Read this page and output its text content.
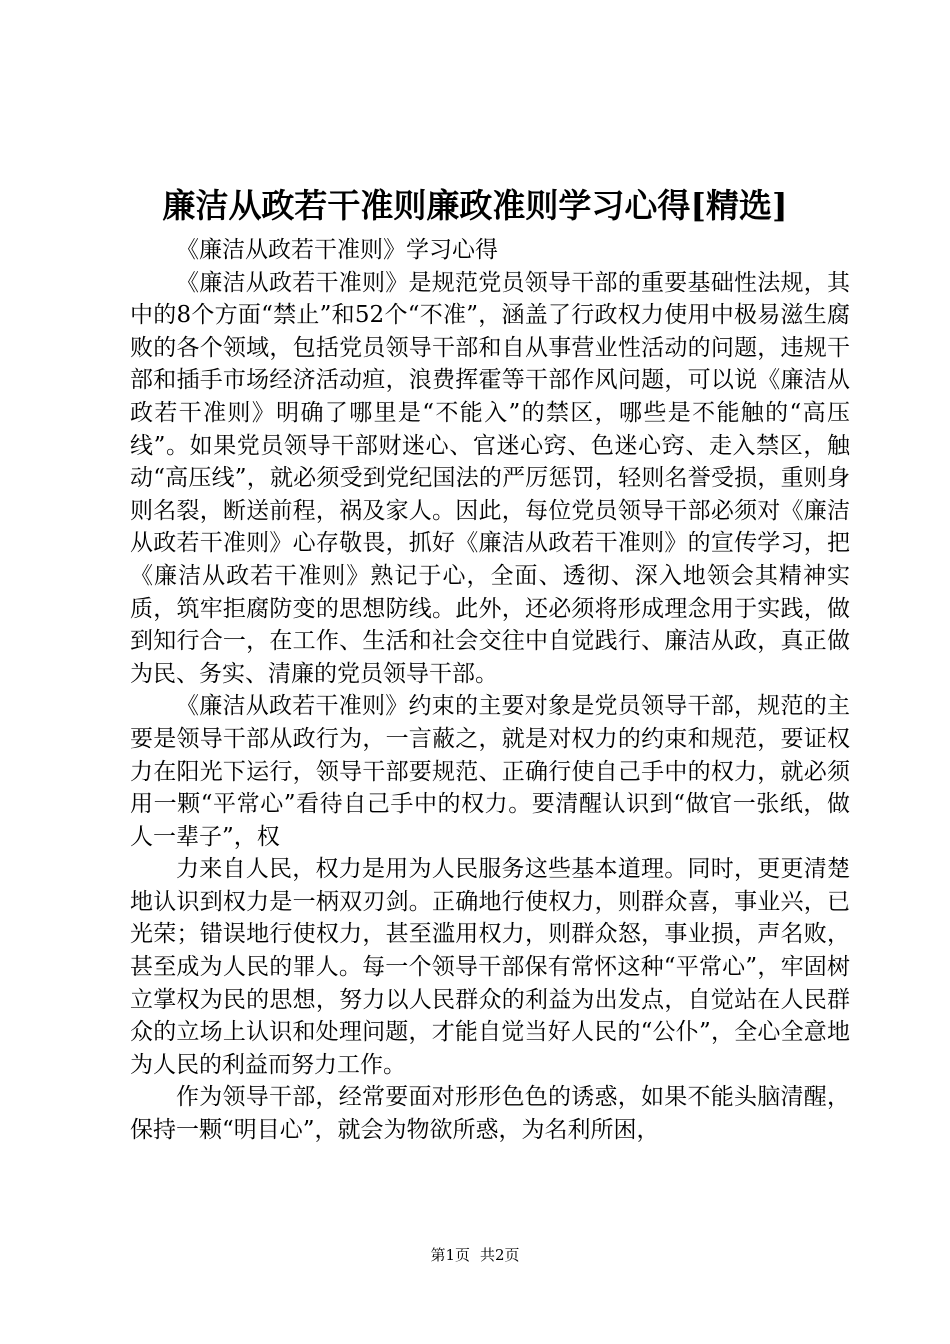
廉洁从政若干准则廉政准则学习心得[精选]

《廉洁从政若干准则》学习心得

《廉洁从政若干准则》是规范党员领导干部的重要基础性法规，其中的8个方面“禁止”和52个“不准”，涵盖了行政权力使用中极易滋生腐败的各个领域，包括党员领导干部和自从事营业性活动的问题，违规干部和插手市场经济活动疸，浪费挥霍等干部作风问题，可以说《廉洁从政若干准则》明确了哪里是“不能入”的禁区，哪些是不能触的“高压线”。如果党员领导干部财迷心、官迷心窍、色迷心窍、走入禁区，触动“高压线”，就必须受到党纪国法的严厉惩罚，轻则名誉受损，重则身则名裂，断送前程，祸及家人。因此，每位党员领导干部必须对《廉洁从政若干准则》心存敬畏，抓好《廉洁从政若干准则》的宣传学习，把《廉洁从政若干准则》熟记于心，全面、透彻、深入地领会其精神实质，筑牢拒腐防变的思想防线。此外，还必须将形成理念用于实践，做到知行合一，在工作、生活和社会交往中自觉践行、廉洁从政，真正做为民、务实、清廉的党员领导干部。

《廉洁从政若干准则》约束的主要对象是党员领导干部，规范的主要是领导干部从政行为，一言蔽之，就是对权力的约束和规范，要证权力在阳光下运行，领导干部要规范、正确行使自己手中的权力，就必须用一颗“平常心”看待自己手中的权力。要清醒认识到“做官一张纸，做人一辈子”，权

力来自人民，权力是用为人民服务这些基本道理。同时，更更清楚地认识到权力是一柄双刃剑。正确地行使权力，则群众喜，事业兴，已光荣；错误地行使权力，甚至滥用权力，则群众怒，事业损，声名败，甚至成为人民的罪人。每一个领导干部保有常怀这种“平常心”，牢固树立掌权为民的思想，努力以人民群众的利益为出发点，自觉站在人民群众的立场上认识和处理问题，才能自觉当好人民的“公仆”，全心全意地为人民的利益而努力工作。

作为领导干部，经常要面对形形色色的诱惑，如果不能头脑清醒，保持一颗“明目心”，就会为物欲所惑，为名利所困，

第1页 共2页
